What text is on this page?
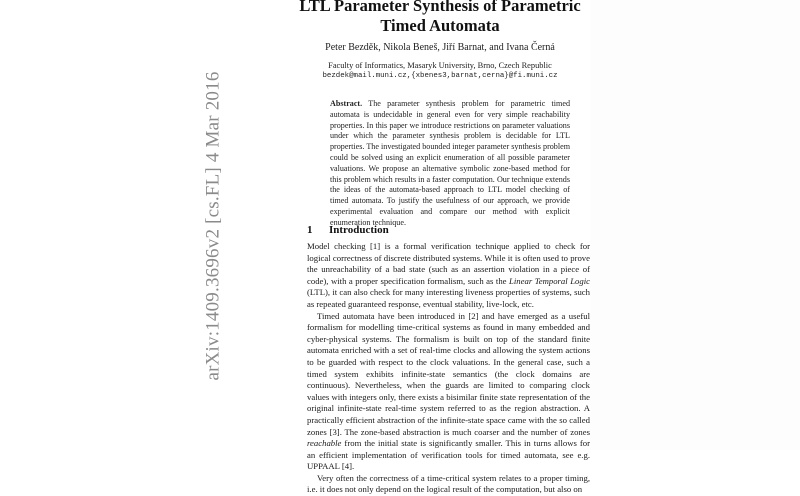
arXiv:1409.3696v2 [cs.FL] 4 Mar 2016
LTL Parameter Synthesis of Parametric Timed Automata
Peter Bezděk, Nikola Beneš, Jiří Barnat, and Ivana Černá
Faculty of Informatics, Masaryk University, Brno, Czech Republic
bezdek@mail.muni.cz,{xbenes3,barnat,cerna}@fi.muni.cz
Abstract. The parameter synthesis problem for parametric timed automata is undecidable in general even for very simple reachability properties. In this paper we introduce restrictions on parameter valuations under which the parameter synthesis problem is decidable for LTL properties. The investigated bounded integer parameter synthesis problem could be solved using an explicit enumeration of all possible parameter valuations. We propose an alternative symbolic zone-based method for this problem which results in a faster computation. Our technique extends the ideas of the automata-based approach to LTL model checking of timed automata. To justify the usefulness of our approach, we provide experimental evaluation and compare our method with explicit enumeration technique.
1 Introduction

Model checking [1] is a formal verification technique applied to check for logical correctness of discrete distributed systems. While it is often used to prove the unreachability of a bad state (such as an assertion violation in a piece of code), with a proper specification formalism, such as the Linear Temporal Logic (LTL), it can also check for many interesting liveness properties of systems, such as repeated guaranteed response, eventual stability, live-lock, etc.

Timed automata have been introduced in [2] and have emerged as a useful formalism for modelling time-critical systems as found in many embedded and cyber-physical systems. The formalism is built on top of the standard finite automata enriched with a set of real-time clocks and allowing the system actions to be guarded with respect to the clock valuations. In the general case, such a timed system exhibits infinite-state semantics (the clock domains are continuous). Nevertheless, when the guards are limited to comparing clock values with integers only, there exists a bisimilar finite state representation of the original infinite-state real-time system referred to as the region abstraction. A practically efficient abstraction of the infinite-state space came with the so called zones [3]. The zone-based abstraction is much coarser and the number of zones reachable from the initial state is significantly smaller. This in turns allows for an efficient implementation of verification tools for timed automata, see e.g. UPPAAL [4].

Very often the correctness of a time-critical system relates to a proper timing, i.e. it does not only depend on the logical result of the computation, but also on
